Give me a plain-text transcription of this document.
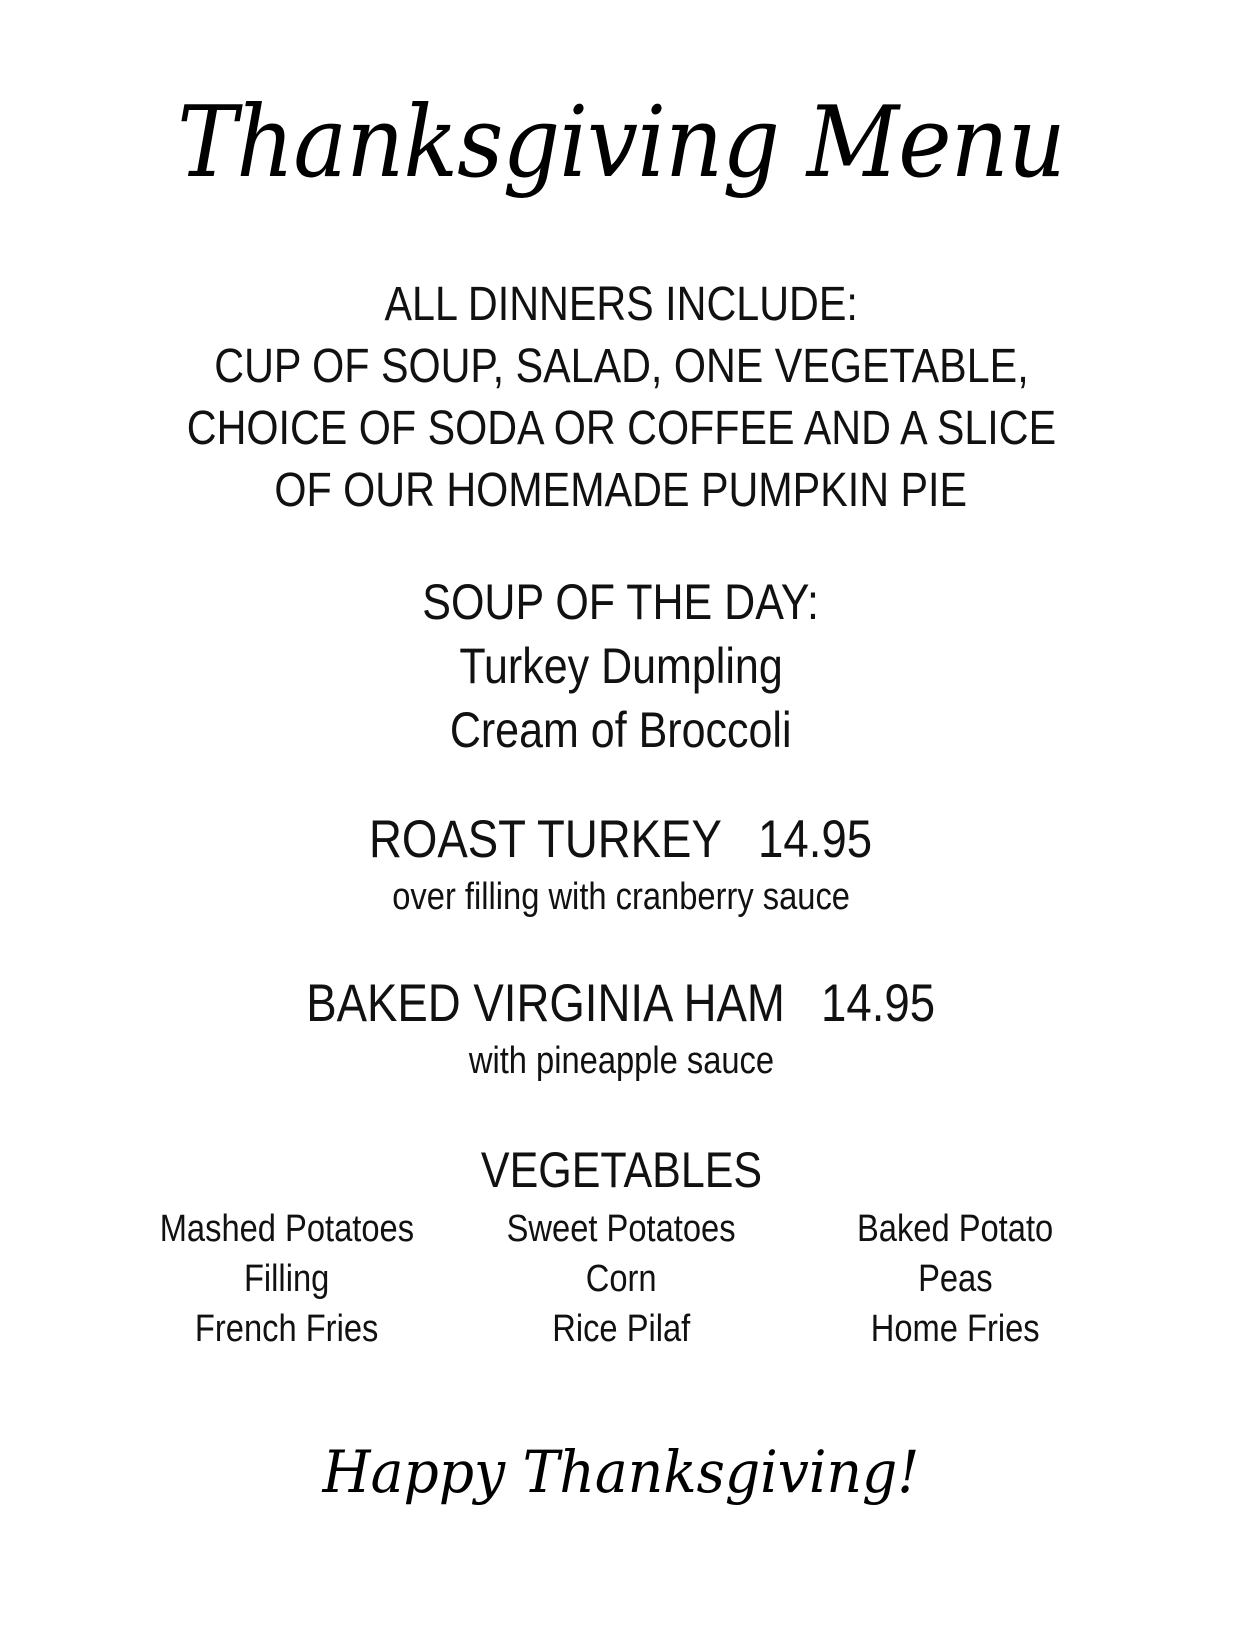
Thanksgiving Menu
ALL DINNERS INCLUDE:
CUP OF SOUP, SALAD, ONE VEGETABLE,
CHOICE OF SODA OR COFFEE AND A SLICE
OF OUR HOMEMADE PUMPKIN PIE
SOUP OF THE DAY:
Turkey Dumpling
Cream of Broccoli
ROAST TURKEY 14.95
over filling with cranberry sauce
BAKED VIRGINIA HAM 14.95
with pineapple sauce
VEGETABLES
Mashed Potatoes
Filling
French Fries
Sweet Potatoes
Corn
Rice Pilaf
Baked Potato
Peas
Home Fries
Happy Thanksgiving!
